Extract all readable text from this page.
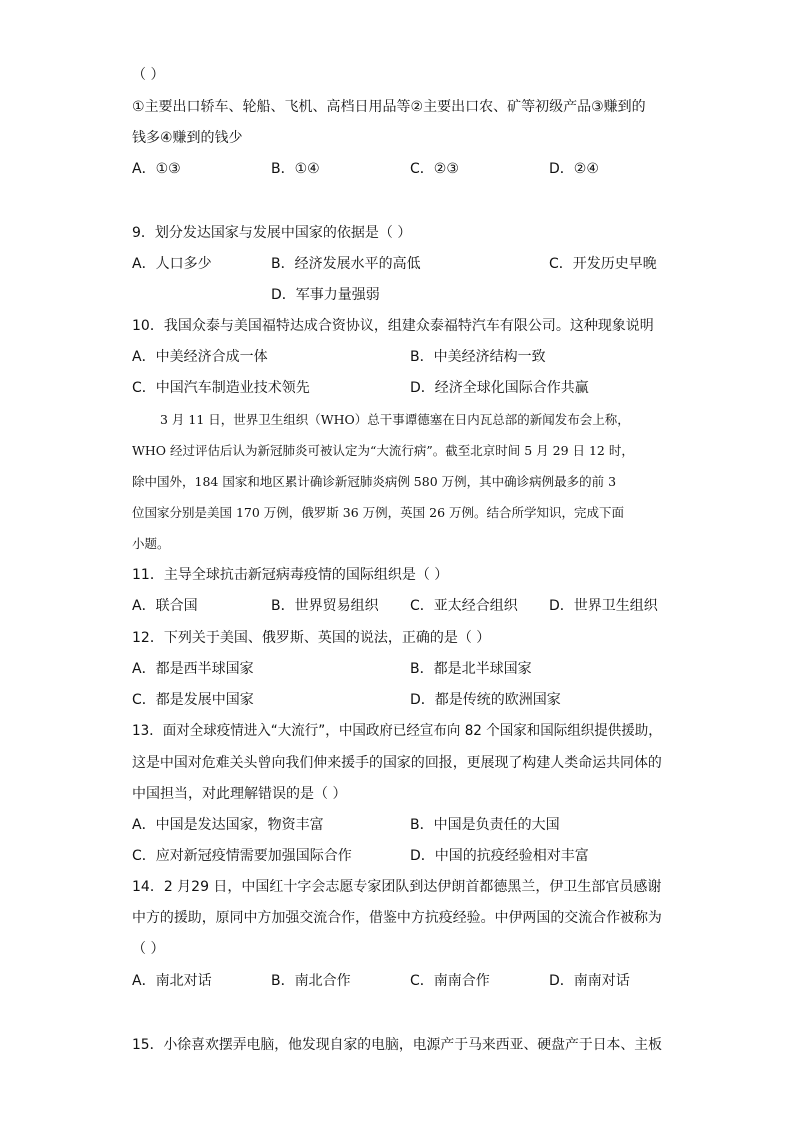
（ ）
①主要出口轿车、轮船、飞机、高档日用品等②主要出口农、矿等初级产品③赚到的
钱多④赚到的钱少
A．①③	B．①④	C．②③	D．②④
9．划分发达国家与发展中国家的依据是（ ）
A．人口多少	B．经济发展水平的高低	C．开发历史早晚
D．军事力量强弱
10．我国众泰与美国福特达成合资协议，组建众泰福特汽车有限公司。这种现象说明
A．中美经济合成一体	B．中美经济结构一致
C．中国汽车制造业技术领先	D．经济全球化国际合作共赢
3 月 11 日，世界卫生组织（WHO）总干事谭德塞在日内瓦总部的新闻发布会上称，
WHO 经过评估后认为新冠肺炎可被认定为“大流行病”。截至北京时间 5 月 29 日 12 时，
除中国外，184 国家和地区累计确诊新冠肺炎病例 580 万例，其中确诊病例最多的前 3
位国家分别是美国 170 万例，俄罗斯 36 万例，英国 26 万例。结合所学知识，完成下面
小题。
11．主导全球抗击新冠病毒疫情的国际组织是（ ）
A．联合国	B．世界贸易组织 C．亚太经合组织 D．世界卫生组织
12．下列关于美国、俄罗斯、英国的说法，正确的是（ ）
A．都是西半球国家	B．都是北半球国家
C．都是发展中国家	D．都是传统的欧洲国家
13．面对全球疫情进入“大流行”，中国政府已经宣布向 82 个国家和国际组织提供援助，
这是中国对危难关头曾向我们伸来援手的国家的回报，更展现了构建人类命运共同体的
中国担当，对此理解错误的是（ ）
A．中国是发达国家，物资丰富	B．中国是负责任的大国
C．应对新冠疫情需要加强国际合作	D．中国的抗疫经验相对丰富
14．2 月29 日，中国红十字会志愿专家团队到达伊朗首都德黑兰，伊卫生部官员感谢
中方的援助，原同中方加强交流合作，借鉴中方抗疫经验。中伊两国的交流合作被称为
（ ）
A．南北对话	B．南北合作	C．南南合作	D．南南对话
15．小徐喜欢摆弄电脑，他发现自家的电脑，电源产于马来西亚、硬盘产于日本、主板
